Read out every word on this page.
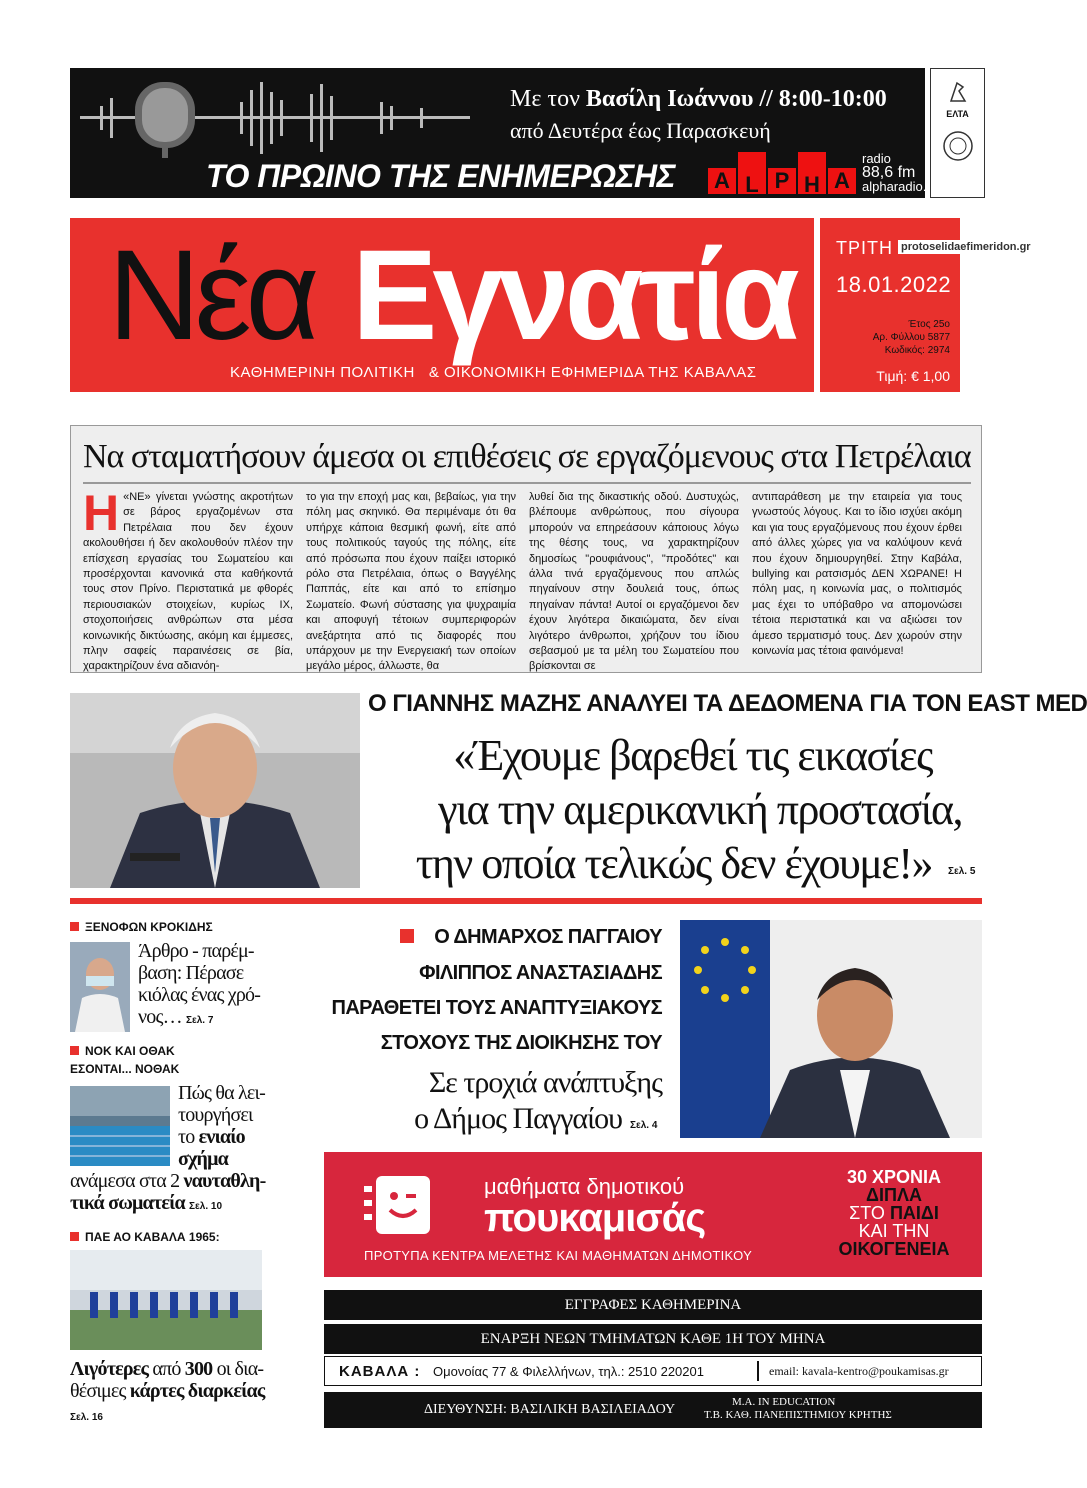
Με τον Βασίλη Ιωάννου // 8:00-10:00
από Δευτέρα έως Παρασκευή
ΤΟ ΠΡΩΙΝΟ ΤΗΣ ΕΝΗΜΕΡΩΣΗΣ A L P H A
radio
88,6 fm
alpharadio.gr
ΕΛΤΑ
Νέα Εγνατία
ΚΑΘΗΜΕΡΙΝΗ ΠΟΛΙΤΙΚΗ & ΟΙΚΟΝΟΜΙΚΗ ΕΦΗΜΕΡΙΔΑ ΤΗΣ ΚΑΒΑΛΑΣ
ΤΡΙΤΗ
18.01.2022
Έτος 25ο
Αρ. Φύλλου 5877
Κωδικός: 2974
Τιμή: € 1,00
protoselidaefimeridon.gr
Να σταματήσουν άμεσα οι επιθέσεις σε εργαζόμενους στα Πετρέλαια
Η «ΝΕ» γίνεται γνώστης ακροτήτων σε βάρος εργαζομένων στα Πετρέλαια που δεν έχουν ακολουθήσει ή δεν ακολουθούν πλέον την επίσχεση εργασίας του Σωματείου και προσέρχονται κανονικά στα καθήκοντά τους στον Πρίνο. Περιστατικά με φθορές περιουσιακών στοιχείων, κυρίως ΙΧ, στοχοποιήσεις ανθρώπων στα μέσα κοινωνικής δικτύωσης, ακόμη και έμμεσες, πλην σαφείς παραινέσεις σε βία, χαρακτηρίζουν ένα αδιανόη-
το για την εποχή μας και, βεβαίως, για την πόλη μας σκηνικό. Θα περιμέναμε ότι θα υπήρχε κάποια θεσμική φωνή, είτε από τους πολιτικούς ταγούς της πόλης, είτε από πρόσωπα που έχουν παίξει ιστορικό ρόλο στα Πετρέλαια, όπως ο Βαγγέλης Παππάς, είτε και από το επίσημο Σωματείο. Φωνή σύστασης για ψυχραιμία και αποφυγή τέτοιων συμπεριφορών ανεξάρτητα από τις διαφορές που υπάρχουν με την Ενεργειακή των οποίων μεγάλο μέρος, άλλωστε, θα
λυθεί δια της δικαστικής οδού. Δυστυχώς, βλέπουμε ανθρώπους, που σίγουρα μπορούν να επηρεάσουν κάποιους λόγω της θέσης τους, να χαρακτηρίζουν δημοσίως "ρουφιάνους", "προδότες" και άλλα τινά εργαζόμενους που απλώς πηγαίνουν στην δουλειά τους, όπως πηγαίναν πάντα! Αυτοί οι εργαζόμενοι δεν έχουν λιγότερα δικαιώματα, δεν είναι λιγότερο άνθρωποι, χρήζουν του ίδιου σεβασμού με τα μέλη του Σωματείου που βρίσκονται σε
αντιπαράθεση με την εταιρεία για τους γνωστούς λόγους. Και το ίδιο ισχύει ακόμη και για τους εργαζόμενους που έχουν έρθει από άλλες χώρες για να καλύψουν κενά που έχουν δημιουργηθεί. Στην Καβάλα, bullying και ρατσισμός ΔΕΝ ΧΩΡΑΝΕ! Η πόλη μας, η κοινωνία μας, ο πολιτισμός μας έχει το υπόβαθρο να απομονώσει τέτοια περιστατικά και να αξιώσει τον άμεσο τερματισμό τους. Δεν χωρούν στην κοινωνία μας τέτοια φαινόμενα!
Ο ΓΙΑΝΝΗΣ ΜΑΖΗΣ ΑΝΑΛΥΕΙ ΤΑ ΔΕΔΟΜΕΝΑ ΓΙΑ ΤΟΝ EAST MED
«Έχουμε βαρεθεί τις εικασίες
για την αμερικανική προστασία,
την οποία τελικώς δεν έχουμε!» Σελ. 5
ΞΕΝΟΦΩΝ ΚΡΟΚΙΔΗΣ
Άρθρο - παρέμ-
βαση: Πέρασε
κιόλας ένας χρό-
νος… Σελ. 7
ΝΟΚ ΚΑΙ ΟΘΑΚ
ΕΣΟΝΤΑΙ... ΝΟΘΑΚ
Πώς θα λει-
τουργήσει
το ενιαίο
σχήμα
ανάμεσα στα 2 ναυταθλη-
τικά σωματεία Σελ. 10
ΠΑΕ ΑΟ ΚΑΒΑΛΑ 1965:
Λιγότερες από 300 οι δια-
θέσιμες κάρτες διαρκείας
Σελ. 16
Ο ΔΗΜΑΡΧΟΣ ΠΑΓΓΑΙΟΥ
ΦΙΛΙΠΠΟΣ ΑΝΑΣΤΑΣΙΑΔΗΣ
ΠΑΡΑΘΕΤΕΙ ΤΟΥΣ ΑΝΑΠΤΥΞΙΑΚΟΥΣ
ΣΤΟΧΟΥΣ ΤΗΣ ΔΙΟΙΚΗΣΗΣ ΤΟΥ
Σε τροχιά ανάπτυξης
ο Δήμος Παγγαίου Σελ. 4
μαθήματα δημοτικού
πουκαμισάς
ΠΡΟΤΥΠΑ ΚΕΝΤΡΑ ΜΕΛΕΤΗΣ ΚΑΙ ΜΑΘΗΜΑΤΩΝ ΔΗΜΟΤΙΚΟΥ
30 ΧΡΟΝΙΑ
ΔΙΠΛΑ
ΣΤΟ ΠΑΙΔΙ
ΚΑΙ ΤΗΝ
ΟΙΚΟΓΕΝΕΙΑ
ΕΓΓΡΑΦΕΣ ΚΑΘΗΜΕΡΙΝΑ
ΕΝΑΡΞΗ ΝΕΩΝ ΤΜΗΜΑΤΩΝ ΚΑΘΕ 1Η ΤΟΥ ΜΗΝΑ
ΚΑΒΑΛΑ : Ομονοίας 77 & Φιλελλήνων, τηλ.: 2510 220201	email: kavala-kentro@poukamisas.gr
ΔΙΕΥΘΥΝΣΗ: ΒΑΣΙΛΙΚΗ ΒΑΣΙΛΕΙΑΔΟΥ	M.A. IN EDUCATION
Τ.Β. ΚΑΘ. ΠΑΝΕΠΙΣΤΗΜΙΟΥ ΚΡΗΤΗΣ
